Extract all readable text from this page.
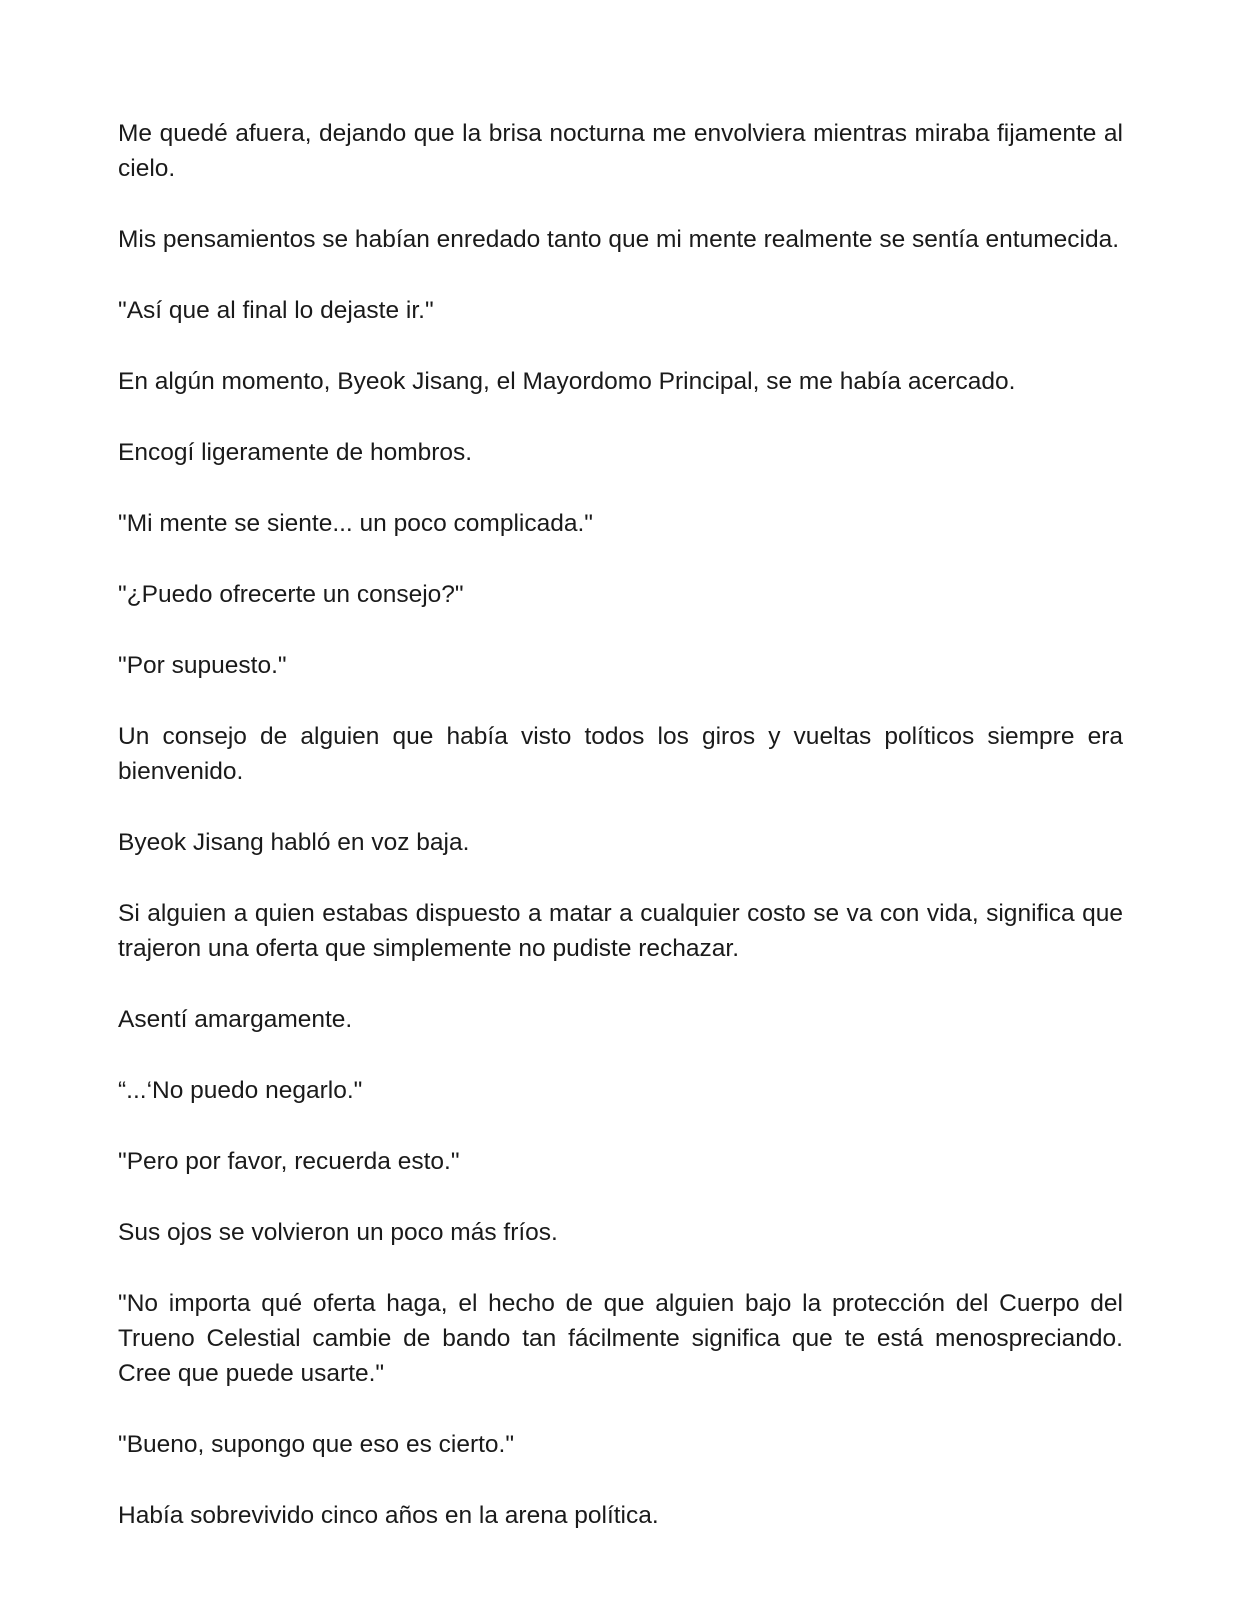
Me quedé afuera, dejando que la brisa nocturna me envolviera mientras miraba fijamente al cielo.

Mis pensamientos se habían enredado tanto que mi mente realmente se sentía entumecida.

"Así que al final lo dejaste ir."

En algún momento, Byeok Jisang, el Mayordomo Principal, se me había acercado.

Encogí ligeramente de hombros.

"Mi mente se siente... un poco complicada."

"¿Puedo ofrecerte un consejo?"

"Por supuesto."

Un consejo de alguien que había visto todos los giros y vueltas políticos siempre era bienvenido.

Byeok Jisang habló en voz baja.

Si alguien a quien estabas dispuesto a matar a cualquier costo se va con vida, significa que trajeron una oferta que simplemente no pudiste rechazar.

Asentí amargamente.

“...‘No puedo negarlo."

"Pero por favor, recuerda esto."

Sus ojos se volvieron un poco más fríos.

"No importa qué oferta haga, el hecho de que alguien bajo la protección del Cuerpo del Trueno Celestial cambie de bando tan fácilmente significa que te está menospreciando. Cree que puede usarte."

"Bueno, supongo que eso es cierto."

Había sobrevivido cinco años en la arena política.
